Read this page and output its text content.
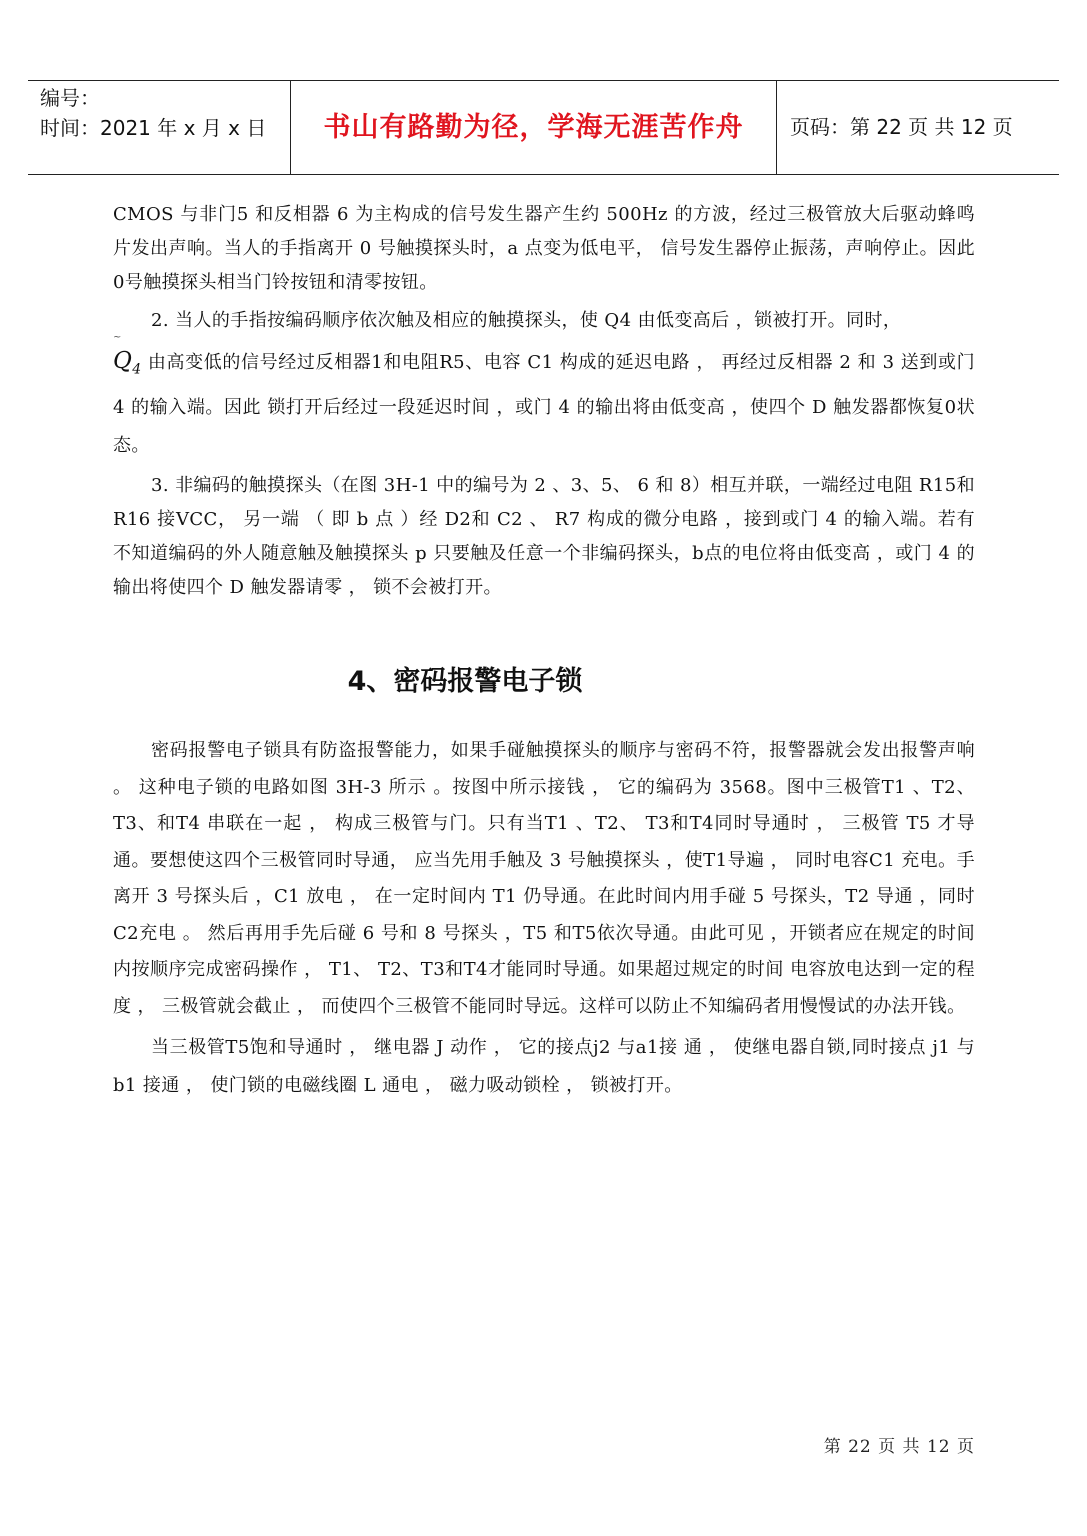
编号：
时间：2021 年 x 月 x 日	书山有路勤为径，学海无涯苦作舟	页码：第 22 页 共 12 页
~

CMOS 与非门5 和反相器 6 为主构成的信号发生器产生约 500Hz 的方波，经过三极管放大后驱动蜂鸣片发出声响。当人的手指离开 0 号触摸探头时，a 点变为低电平， 信号发生器停止振荡，声响停止。因此0号触摸探头相当门铃按钮和清零按钮。

2. 当人的手指按编码顺序依次触及相应的触摸探头，使 Q4 由低变高后 ，锁被打开。同时，

$Q_4$ 由高变低的信号经过反相器1和电阻R5、电容 C1 构成的延迟电路 ， 再经过反相器 2 和 3 送到或门4 的输入端。因此 锁打开后经过一段延迟时间 ，或门 4 的输出将由低变高 ，使四个 D 触发器都恢复0状态。

3. 非编码的触摸探头（在图 3H-1 中的编号为 2 、3、5、 6 和 8）相互并联，一端经过电阻 R15和 R16 接VCC， 另一端 （ 即 b 点 ）经 D2和 C2 、 R7 构成的微分电路 ，接到或门 4 的输入端。若有不知道编码的外人随意触及触摸探头 p 只要触及任意一个非编码探头，b点的电位将由低变高 ，或门 4 的输出将使四个 D 触发器请零 ， 锁不会被打开。

4、密码报警电子锁

密码报警电子锁具有防盗报警能力，如果手碰触摸探头的顺序与密码不符，报警器就会发出报警声响 。 这种电子锁的电路如图 3H-3 所示 。按图中所示接钱 ， 它的编码为 3568。图中三极管T1 、T2、 T3、和T4 串联在一起 ， 构成三极管与门。只有当T1 、T2、 T3和T4同时导通时 ， 三极管 T5 才导通。要想使这四个三极管同时导通， 应当先用手触及 3 号触摸探头 ，使T1导遍 ， 同时电容C1 充电。手离开 3 号探头后 ，C1 放电 ， 在一定时间内 T1 仍导通。在此时间内用手碰 5 号探头，T2 导通 ，同时C2充电 。 然后再用手先后碰 6 号和 8 号探头 ，T5 和T5依次导通。由此可见 ，开锁者应在规定的时间内按顺序完成密码操作 ， T1、 T2、T3和T4才能同时导通。如果超过规定的时间 电容放电达到一定的程度 ， 三极管就会截止 ， 而使四个三极管不能同时导远。这样可以防止不知编码者用慢慢试的办法开钱。

当三极管T5饱和导通时 ， 继电器 J 动作 ， 它的接点j2 与a1接 通 ， 使继电器自锁,同时接点 j1 与 b1 接通 ， 使门锁的电磁线圈 L 通电 ， 磁力吸动锁栓 ， 锁被打开。

第 22 页 共 12 页
